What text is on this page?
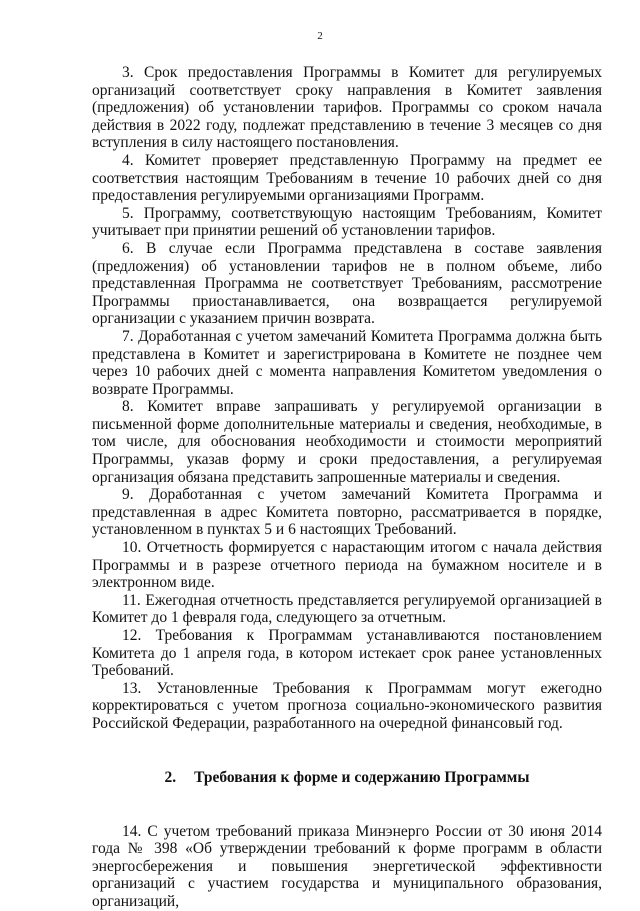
2

3. Срок предоставления Программы в Комитет для регулируемых организаций соответствует сроку направления в Комитет заявления (предложения) об установлении тарифов. Программы со сроком начала действия в 2022 году, подлежат представлению в течение 3 месяцев со дня вступления в силу настоящего постановления.

4. Комитет проверяет представленную Программу на предмет ее соответствия настоящим Требованиям в течение 10 рабочих дней со дня предоставления регулируемыми организациями Программ.

5. Программу, соответствующую настоящим Требованиям, Комитет учитывает при принятии решений об установлении тарифов.

6. В случае если Программа представлена в составе заявления (предложения) об установлении тарифов не в полном объеме, либо представленная Программа не соответствует Требованиям, рассмотрение Программы приостанавливается, она возвращается регулируемой организации с указанием причин возврата.

7. Доработанная с учетом замечаний Комитета Программа должна быть представлена в Комитет и зарегистрирована в Комитете не позднее чем через 10 рабочих дней с момента направления Комитетом уведомления о возврате Программы.

8. Комитет вправе запрашивать у регулируемой организации в письменной форме дополнительные материалы и сведения, необходимые, в том числе, для обоснования необходимости и стоимости мероприятий Программы, указав форму и сроки предоставления, а регулируемая организация обязана представить запрошенные материалы и сведения.

9. Доработанная с учетом замечаний Комитета Программа и представленная в адрес Комитета повторно, рассматривается в порядке, установленном в пунктах 5 и 6 настоящих Требований.

10. Отчетность формируется с нарастающим итогом с начала действия Программы и в разрезе отчетного периода на бумажном носителе и в электронном виде.

11. Ежегодная отчетность представляется регулируемой организацией в Комитет до 1 февраля года, следующего за отчетным.

12. Требования к Программам устанавливаются постановлением Комитета до 1 апреля года, в котором истекает срок ранее установленных Требований.

13. Установленные Требования к Программам могут ежегодно корректироваться с учетом прогноза социально-экономического развития Российской Федерации, разработанного на очередной финансовый год.

2. Требования к форме и содержанию Программы

14. С учетом требований приказа Минэнерго России от 30 июня 2014 года № 398 «Об утверждении требований к форме программ в области энергосбережения и повышения энергетической эффективности организаций с участием государства и муниципального образования, организаций,
